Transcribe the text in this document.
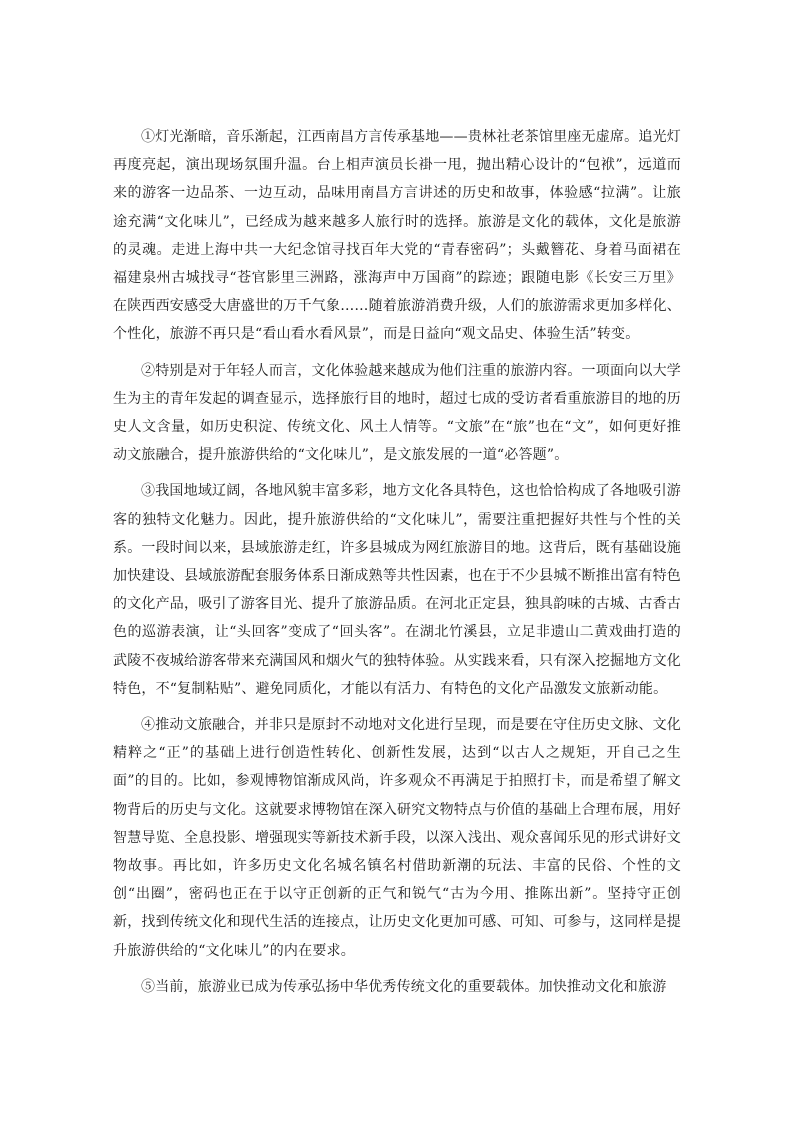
①灯光渐暗，音乐渐起，江西南昌方言传承基地——贵林社老茶馆里座无虚席。追光灯再度亮起，演出现场氛围升温。台上相声演员长褂一甩，抛出精心设计的“包袱”，远道而来的游客一边品茶、一边互动，品味用南昌方言讲述的历史和故事，体验感“拉满”。让旅途充满“文化味儿”，已经成为越来越多人旅行时的选择。旅游是文化的载体，文化是旅游的灵魂。走进上海中共一大纪念馆寻找百年大党的“青春密码”；头戴簪花、身着马面裙在福建泉州古城找寻“苍官影里三洲路，涨海声中万国商”的踪迹；跟随电影《长安三万里》在陕西西安感受大唐盛世的万千气象……随着旅游消费升级，人们的旅游需求更加多样化、个性化，旅游不再只是“看山看水看风景”，而是日益向“观文品史、体验生活”转变。

②特别是对于年轻人而言，文化体验越来越成为他们注重的旅游内容。一项面向以大学生为主的青年发起的调查显示，选择旅行目的地时，超过七成的受访者看重旅游目的地的历史人文含量，如历史积淀、传统文化、风土人情等。“文旅”在“旅”也在“文”，如何更好推动文旅融合，提升旅游供给的“文化味儿”，是文旅发展的一道“必答题”。

③我国地域辽阔，各地风貌丰富多彩，地方文化各具特色，这也恰恰构成了各地吸引游客的独特文化魅力。因此，提升旅游供给的“文化味儿”，需要注重把握好共性与个性的关系。一段时间以来，县域旅游走红，许多县城成为网红旅游目的地。这背后，既有基础设施加快建设、县域旅游配套服务体系日渐成熟等共性因素，也在于不少县城不断推出富有特色的文化产品，吸引了游客目光、提升了旅游品质。在河北正定县，独具韵味的古城、古香古色的巡游表演，让“头回客”变成了“回头客”。在湖北竹溪县，立足非遗山二黄戏曲打造的武陵不夜城给游客带来充满国风和烟火气的独特体验。从实践来看，只有深入挖掘地方文化特色，不“复制粘贴”、避免同质化，才能以有活力、有特色的文化产品激发文旅新动能。

④推动文旅融合，并非只是原封不动地对文化进行呈现，而是要在守住历史文脉、文化精粹之“正”的基础上进行创造性转化、创新性发展，达到“以古人之规矩，开自己之生面”的目的。比如，参观博物馆渐成风尚，许多观众不再满足于拍照打卡，而是希望了解文物背后的历史与文化。这就要求博物馆在深入研究文物特点与价值的基础上合理布展，用好智慧导览、全息投影、增强现实等新技术新手段，以深入浅出、观众喜闻乐见的形式讲好文物故事。再比如，许多历史文化名城名镇名村借助新潮的玩法、丰富的民俗、个性的文创“出圈”，密码也正在于以守正创新的正气和锐气“古为今用、推陈出新”。坚持守正创新，找到传统文化和现代生活的连接点，让历史文化更加可感、可知、可参与，这同样是提升旅游供给的“文化味儿”的内在要求。

⑤当前，旅游业已成为传承弘扬中华优秀传统文化的重要载体。加快推动文化和旅游
